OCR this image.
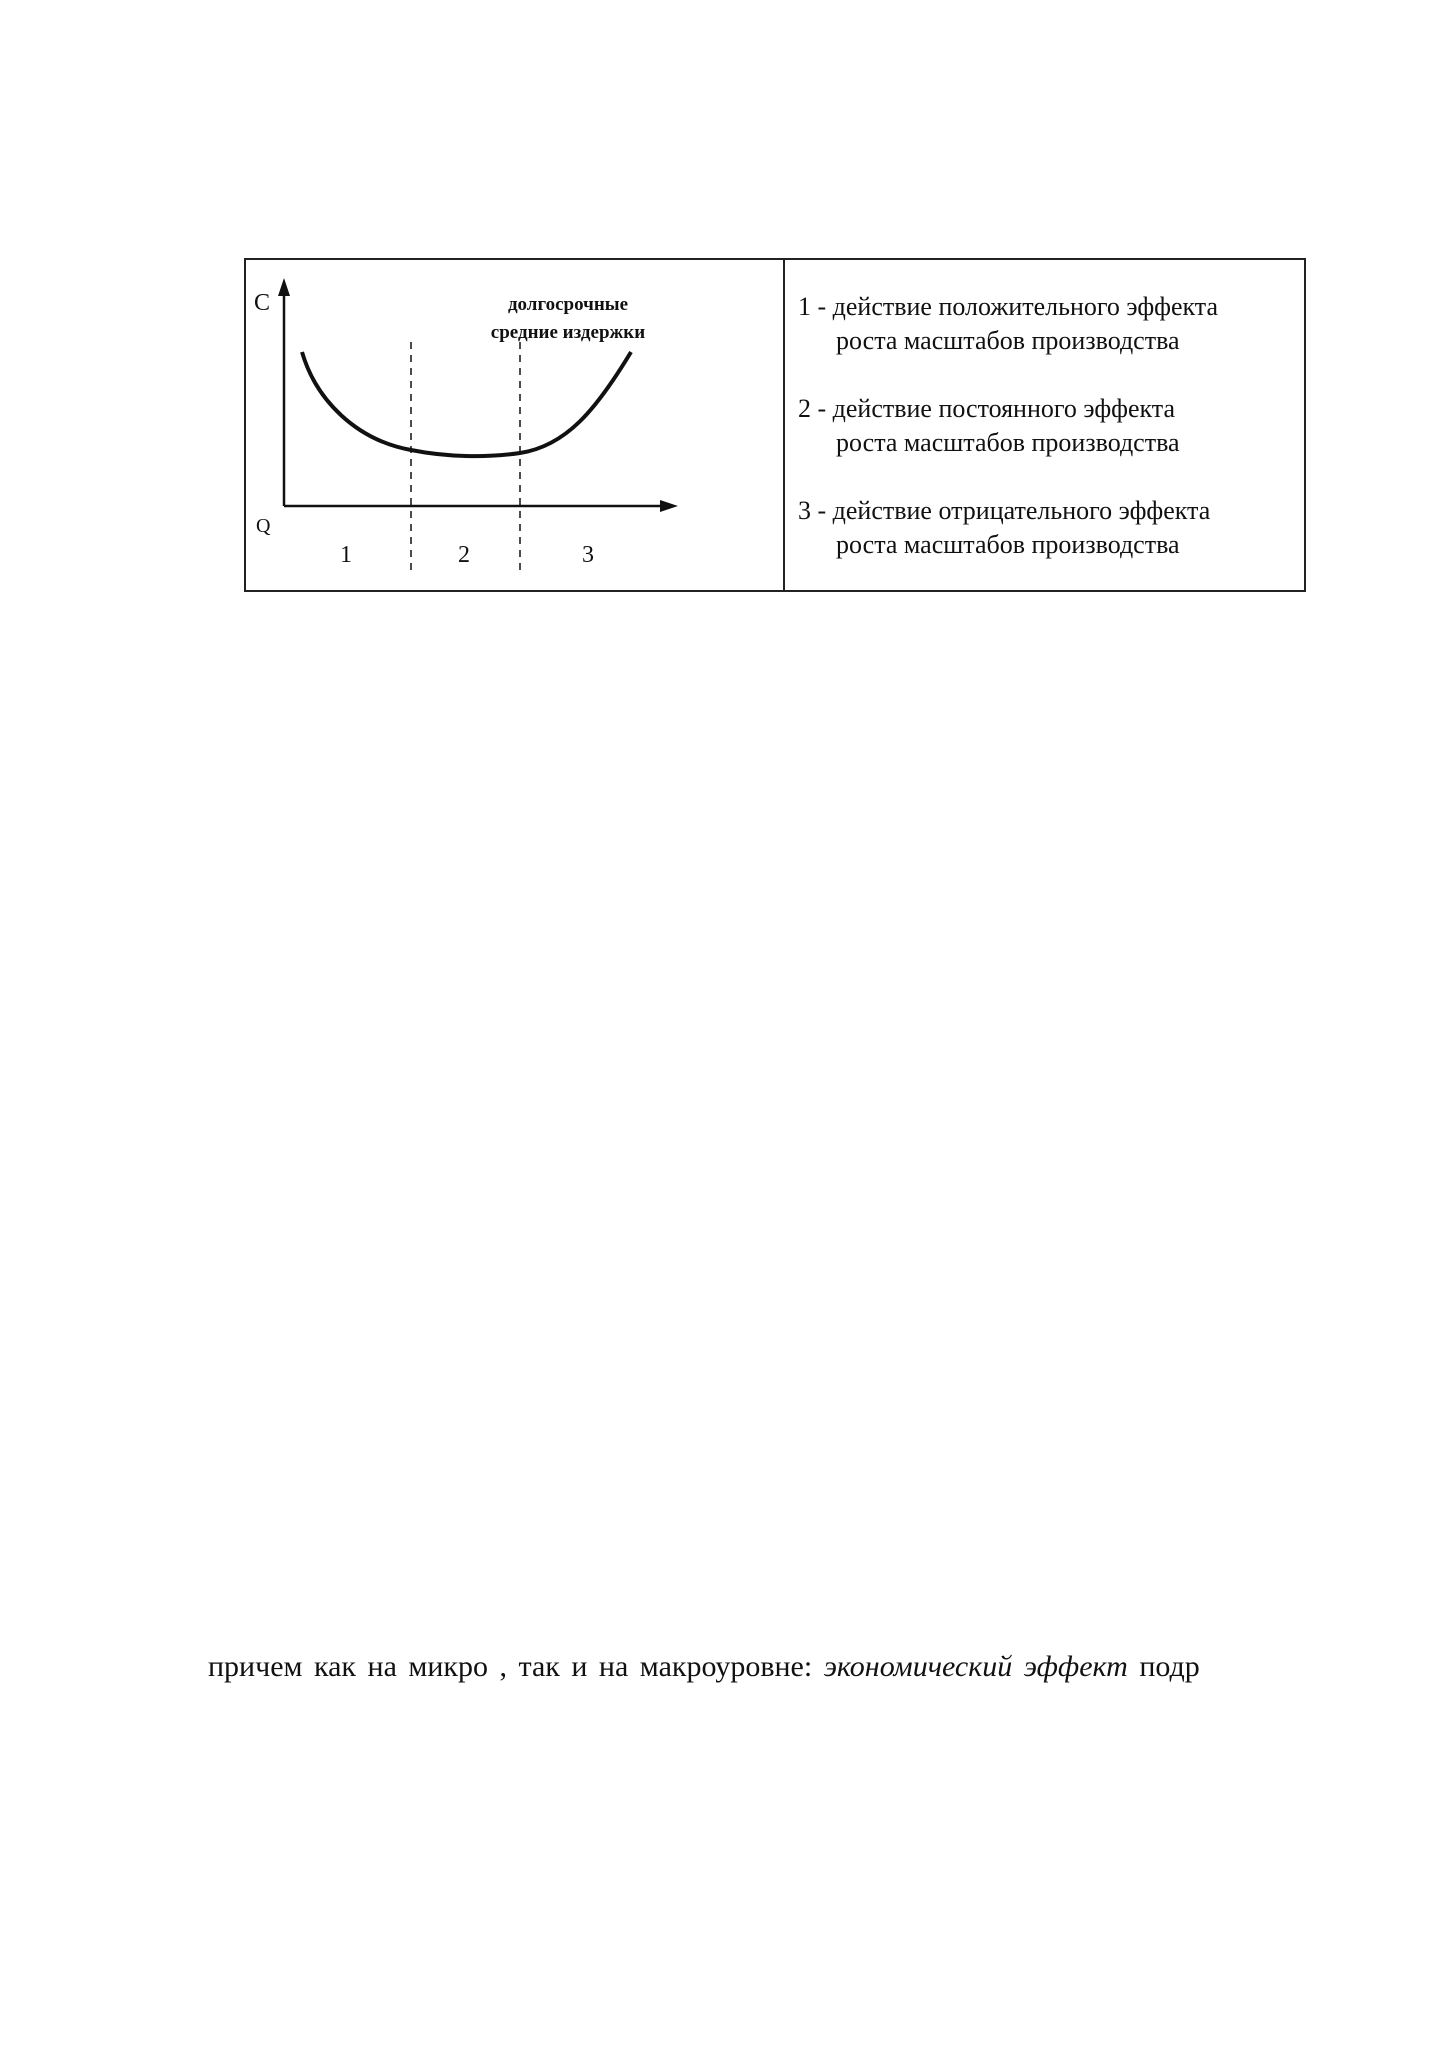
C
Q
долгосрочные
средние издержки
1	2	3
1 - действие положительного эффекта
роста масштабов производства
2 - действие постоянного эффекта
роста масштабов производства
3 - действие отрицательного эффекта
роста масштабов производства

причем как на микро , так и на макроуровне: экономический эффект подр
